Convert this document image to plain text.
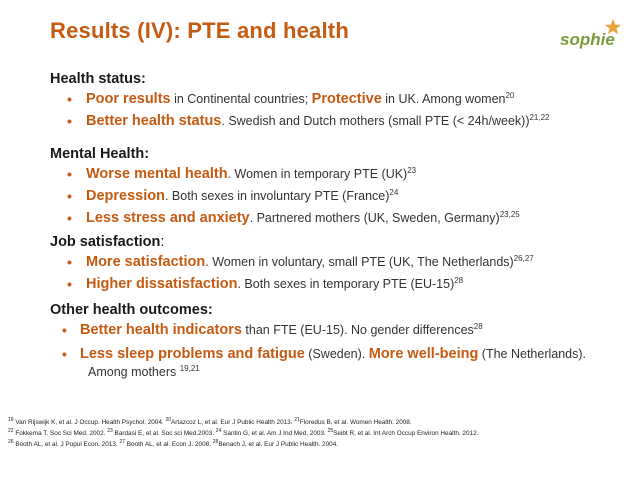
Results (IV): PTE and health	sophie
Health status:
• Poor results in Continental countries; Protective in UK. Among women$^{20}$
• Better health status. Swedish and Dutch mothers (small PTE (< 24h/week))$^{21,22}$
Mental Health:
• Worse mental health. Women in temporary PTE (UK)$^{23}$
• Depression. Both sexes in involuntary PTE (France)$^{24}$
• Less stress and anxiety. Partnered mothers (UK, Sweden, Germany)$^{23,25}$
Job satisfaction:
• More satisfaction. Women in voluntary, small PTE (UK, The Netherlands)$^{26,27}$
• Higher dissatisfaction. Both sexes in temporary PTE $(EU-15)^{28}$
Other health outcomes:
• Better health indicators than FTE (EU-15). No gender differences$^{28}$
• Less sleep problems and fatigue (Sweden). More well-being (The Netherlands).
Among mothers $^{19,21}$
$^{19}$ Van Rijswijk K, et al. J Occup. Health Psychol. 2004. $^{20}$Artazcoz L, et al. Eur J Public Health 2013. $^{21}$Floredus B, et al. Women Health. 2008.
$^{22}$ Fokkema T. Soc Sci Med. 2002. $^{23}$ Bardasi E, et al. Soc sci Med.2003. $^{24}$ Santin G, et al. Am J Ind Med. 2003. $^{25}$Seibt R, et al. Int Arch Occup Environ Health. 2012.
$^{26}$ Booth AL, et al. J Popul Econ. 2013. $^{27}$ Booth AL, et al. Econ J. 2008. $^{28}$Benach J, et al. Eur J Public Health. 2004.
